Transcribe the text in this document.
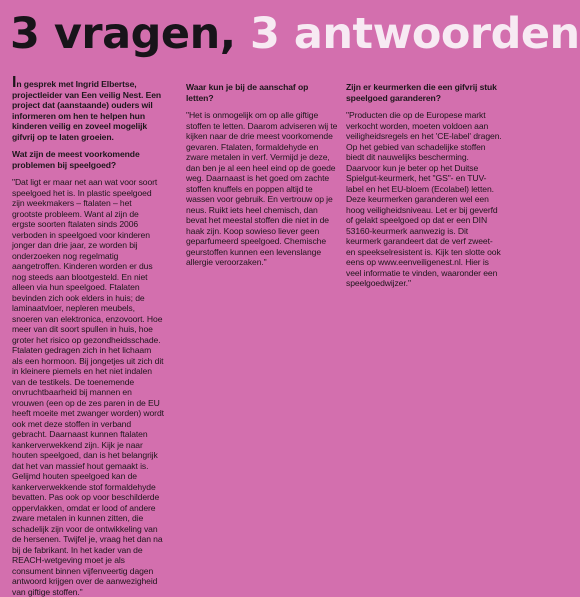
3 vragen, 3 antwoorden

In gesprek met Ingrid Elbertse, projectleider van Een veilig Nest. Een project dat (aanstaande) ouders wil informeren om hen te helpen hun kinderen veilig en zoveel mogelijk gifvrij op te laten groeien.

Wat zijn de meest voorkomende problemen bij speelgoed?

"Dat ligt er maar net aan wat voor soort speelgoed het is. In plastic speelgoed zijn weekmakers – ftalaten – het grootste probleem. Want al zijn de ergste soorten ftalaten sinds 2006 verboden in speelgoed voor kinderen jonger dan drie jaar, ze worden bij onderzoeken nog regelmatig aangetroffen. Kinderen worden er dus nog steeds aan blootgesteld. En niet alleen via hun speelgoed. Ftalaten bevinden zich ook elders in huis; de laminaatvloer, nepleren meubels, snoeren van elektronica, enzovoort. Hoe meer van dit soort spullen in huis, hoe groter het risico op gezondheidsschade. Ftalaten gedragen zich in het lichaam als een hormoon. Bij jongetjes uit zich dit in kleinere piemels en het niet indalen van de testikels. De toenemende onvruchtbaarheid bij mannen en vrouwen (een op de zes paren in de EU heeft moeite met zwanger worden) wordt ook met deze stoffen in verband gebracht. Daarnaast kunnen ftalaten kankerverwekkend zijn. Kijk je naar houten speelgoed, dan is het belangrijk dat het van massief hout gemaakt is. Gelijmd houten speelgoed kan de kankerverwekkende stof formaldehyde bevatten. Pas ook op voor beschilderde oppervlakken, omdat er lood of andere zware metalen in kunnen zitten, die schadelijk zijn voor de ontwikkeling van de hersenen. Twijfel je, vraag het dan na bij de fabrikant. In het kader van de REACH-wetgeving moet je als consument binnen vijfenveertig dagen antwoord krijgen over de aanwezigheid van giftige stoffen."

Waar kun je bij de aanschaf op letten?

"Het is onmogelijk om op alle giftige stoffen te letten. Daarom adviseren wij te kijken naar de drie meest voorkomende gevaren. Ftalaten, formaldehyde en zware metalen in verf. Vermijd je deze, dan ben je al een heel eind op de goede weg. Daarnaast is het goed om zachte stoffen knuffels en poppen altijd te wassen voor gebruik. En vertrouw op je neus. Ruikt iets heel chemisch, dan bevat het meestal stoffen die niet in de haak zijn. Koop sowieso liever geen geparfumeerd speelgoed. Chemische geurstoffen kunnen een levenslange allergie veroorzaken."

Zijn er keurmerken die een gifvrij stuk speelgoed garanderen?

"Producten die op de Europese markt verkocht worden, moeten voldoen aan veiligheidsregels en het 'CE-label' dragen. Op het gebied van schadelijke stoffen biedt dit nauwelijks bescherming. Daarvoor kun je beter op het Duitse Spielgut-keurmerk, het "GS"- en TUV-label en het EU-bloem (Ecolabel) letten. Deze keurmerken garanderen wel een hoog veiligheidsniveau. Let er bij geverfd of gelakt speelgoed op dat er een DIN 53160-keurmerk aanwezig is. Dit keurmerk garandeert dat de verf zweet- en speekselresistent is. Kijk ten slotte ook eens op www.eenveiligenest.nl. Hier is veel informatie te vinden, waaronder een speelgoedwijzer."
